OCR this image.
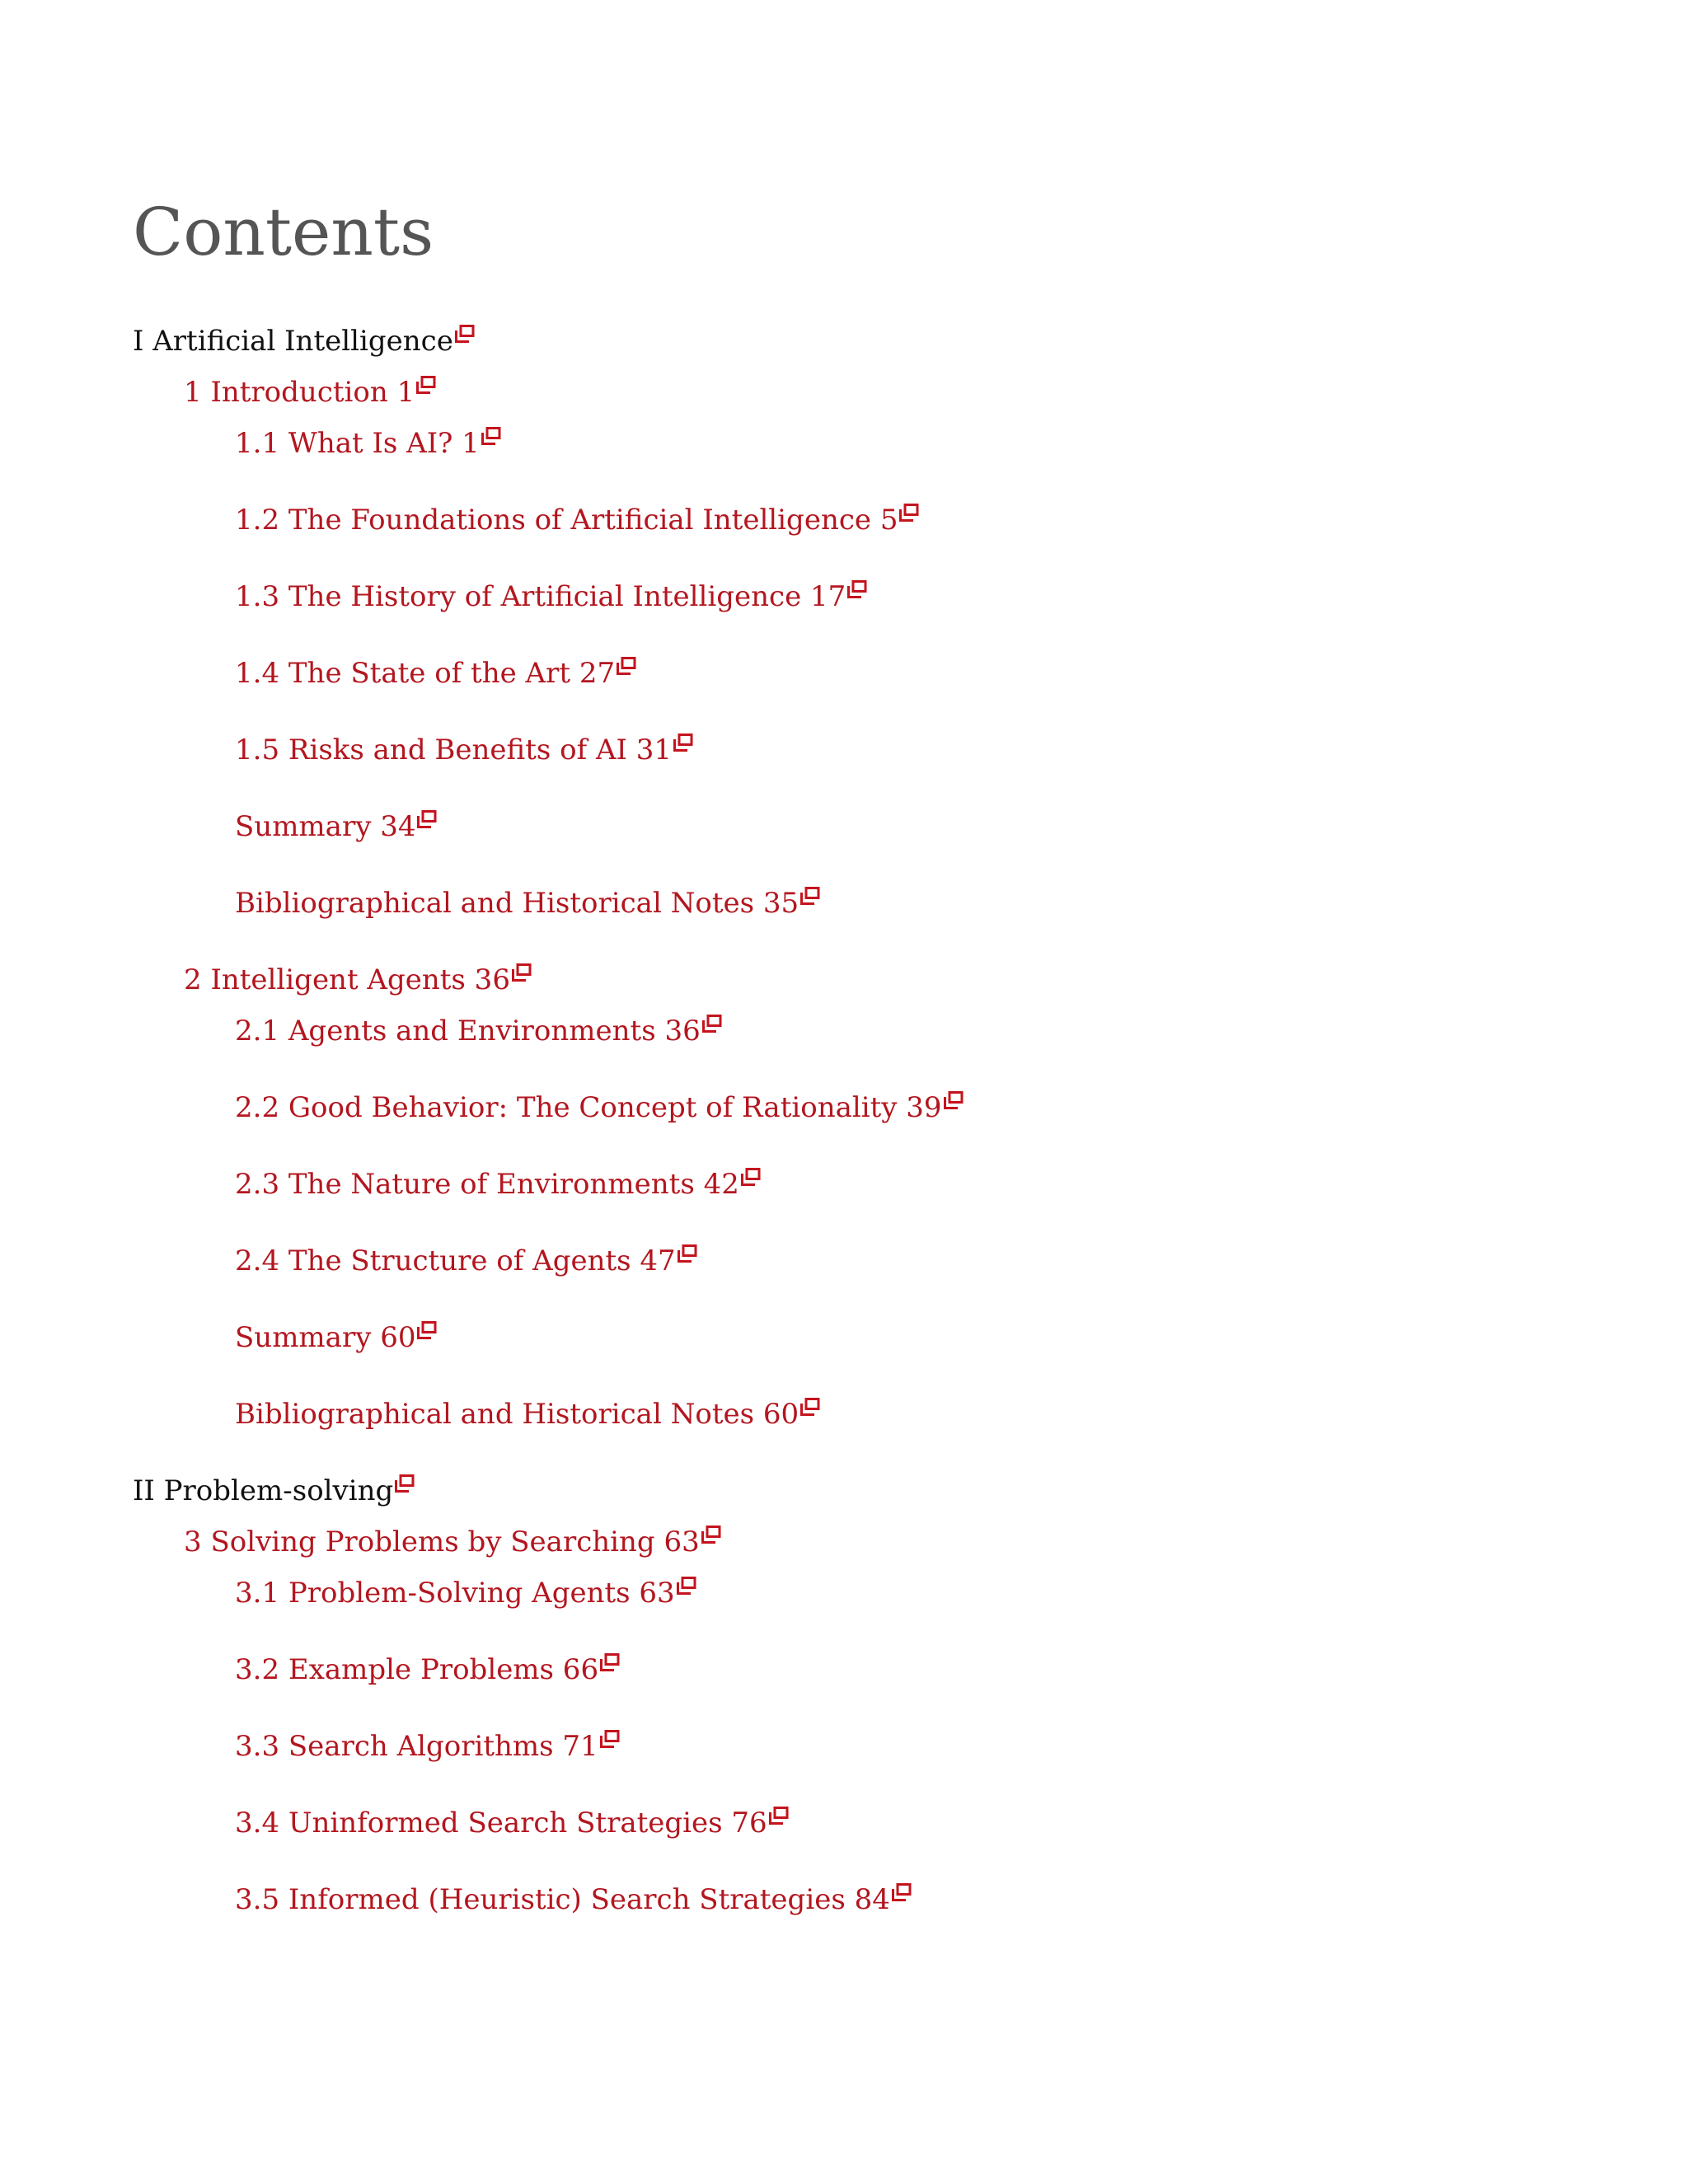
Contents
I Artificial Intelligence
1 Introduction 1
1.1 What Is AI? 1
1.2 The Foundations of Artificial Intelligence 5
1.3 The History of Artificial Intelligence 17
1.4 The State of the Art 27
1.5 Risks and Benefits of AI 31
Summary 34
Bibliographical and Historical Notes 35
2 Intelligent Agents 36
2.1 Agents and Environments 36
2.2 Good Behavior: The Concept of Rationality 39
2.3 The Nature of Environments 42
2.4 The Structure of Agents 47
Summary 60
Bibliographical and Historical Notes 60
II Problem-solving
3 Solving Problems by Searching 63
3.1 Problem-Solving Agents 63
3.2 Example Problems 66
3.3 Search Algorithms 71
3.4 Uninformed Search Strategies 76
3.5 Informed (Heuristic) Search Strategies 84
